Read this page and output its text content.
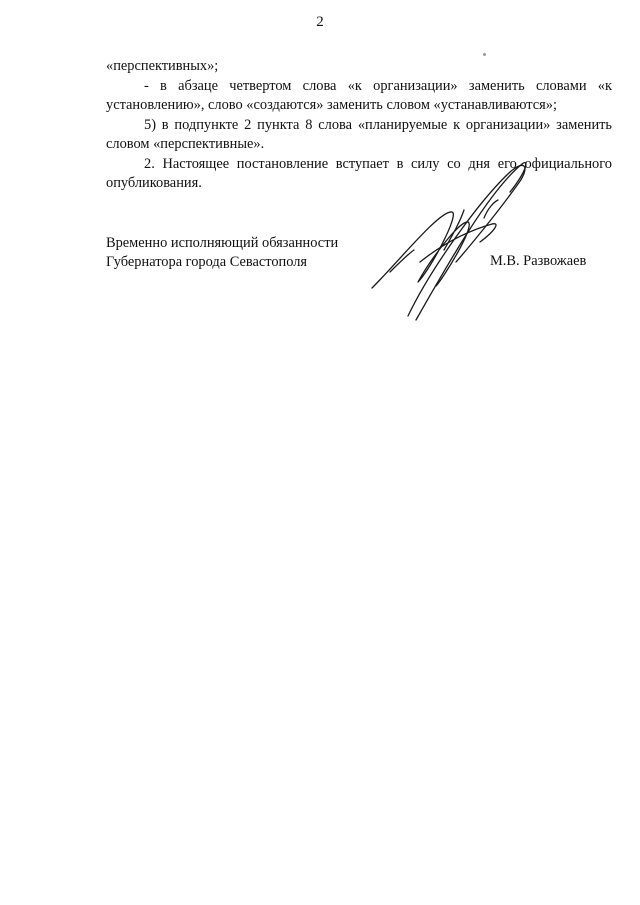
2

«перспективных»;

- в абзаце четвертом слова «к организации» заменить словами «к установлению», слово «создаются» заменить словом «устанавливаются»;

5) в подпункте 2 пункта 8 слова «планируемые к организации» заменить словом «перспективные».

2. Настоящее постановление вступает в силу со дня его официального опубликования.

Временно исполняющий обязанности
Губернатора города Севастополя	М.В. Развожаев
